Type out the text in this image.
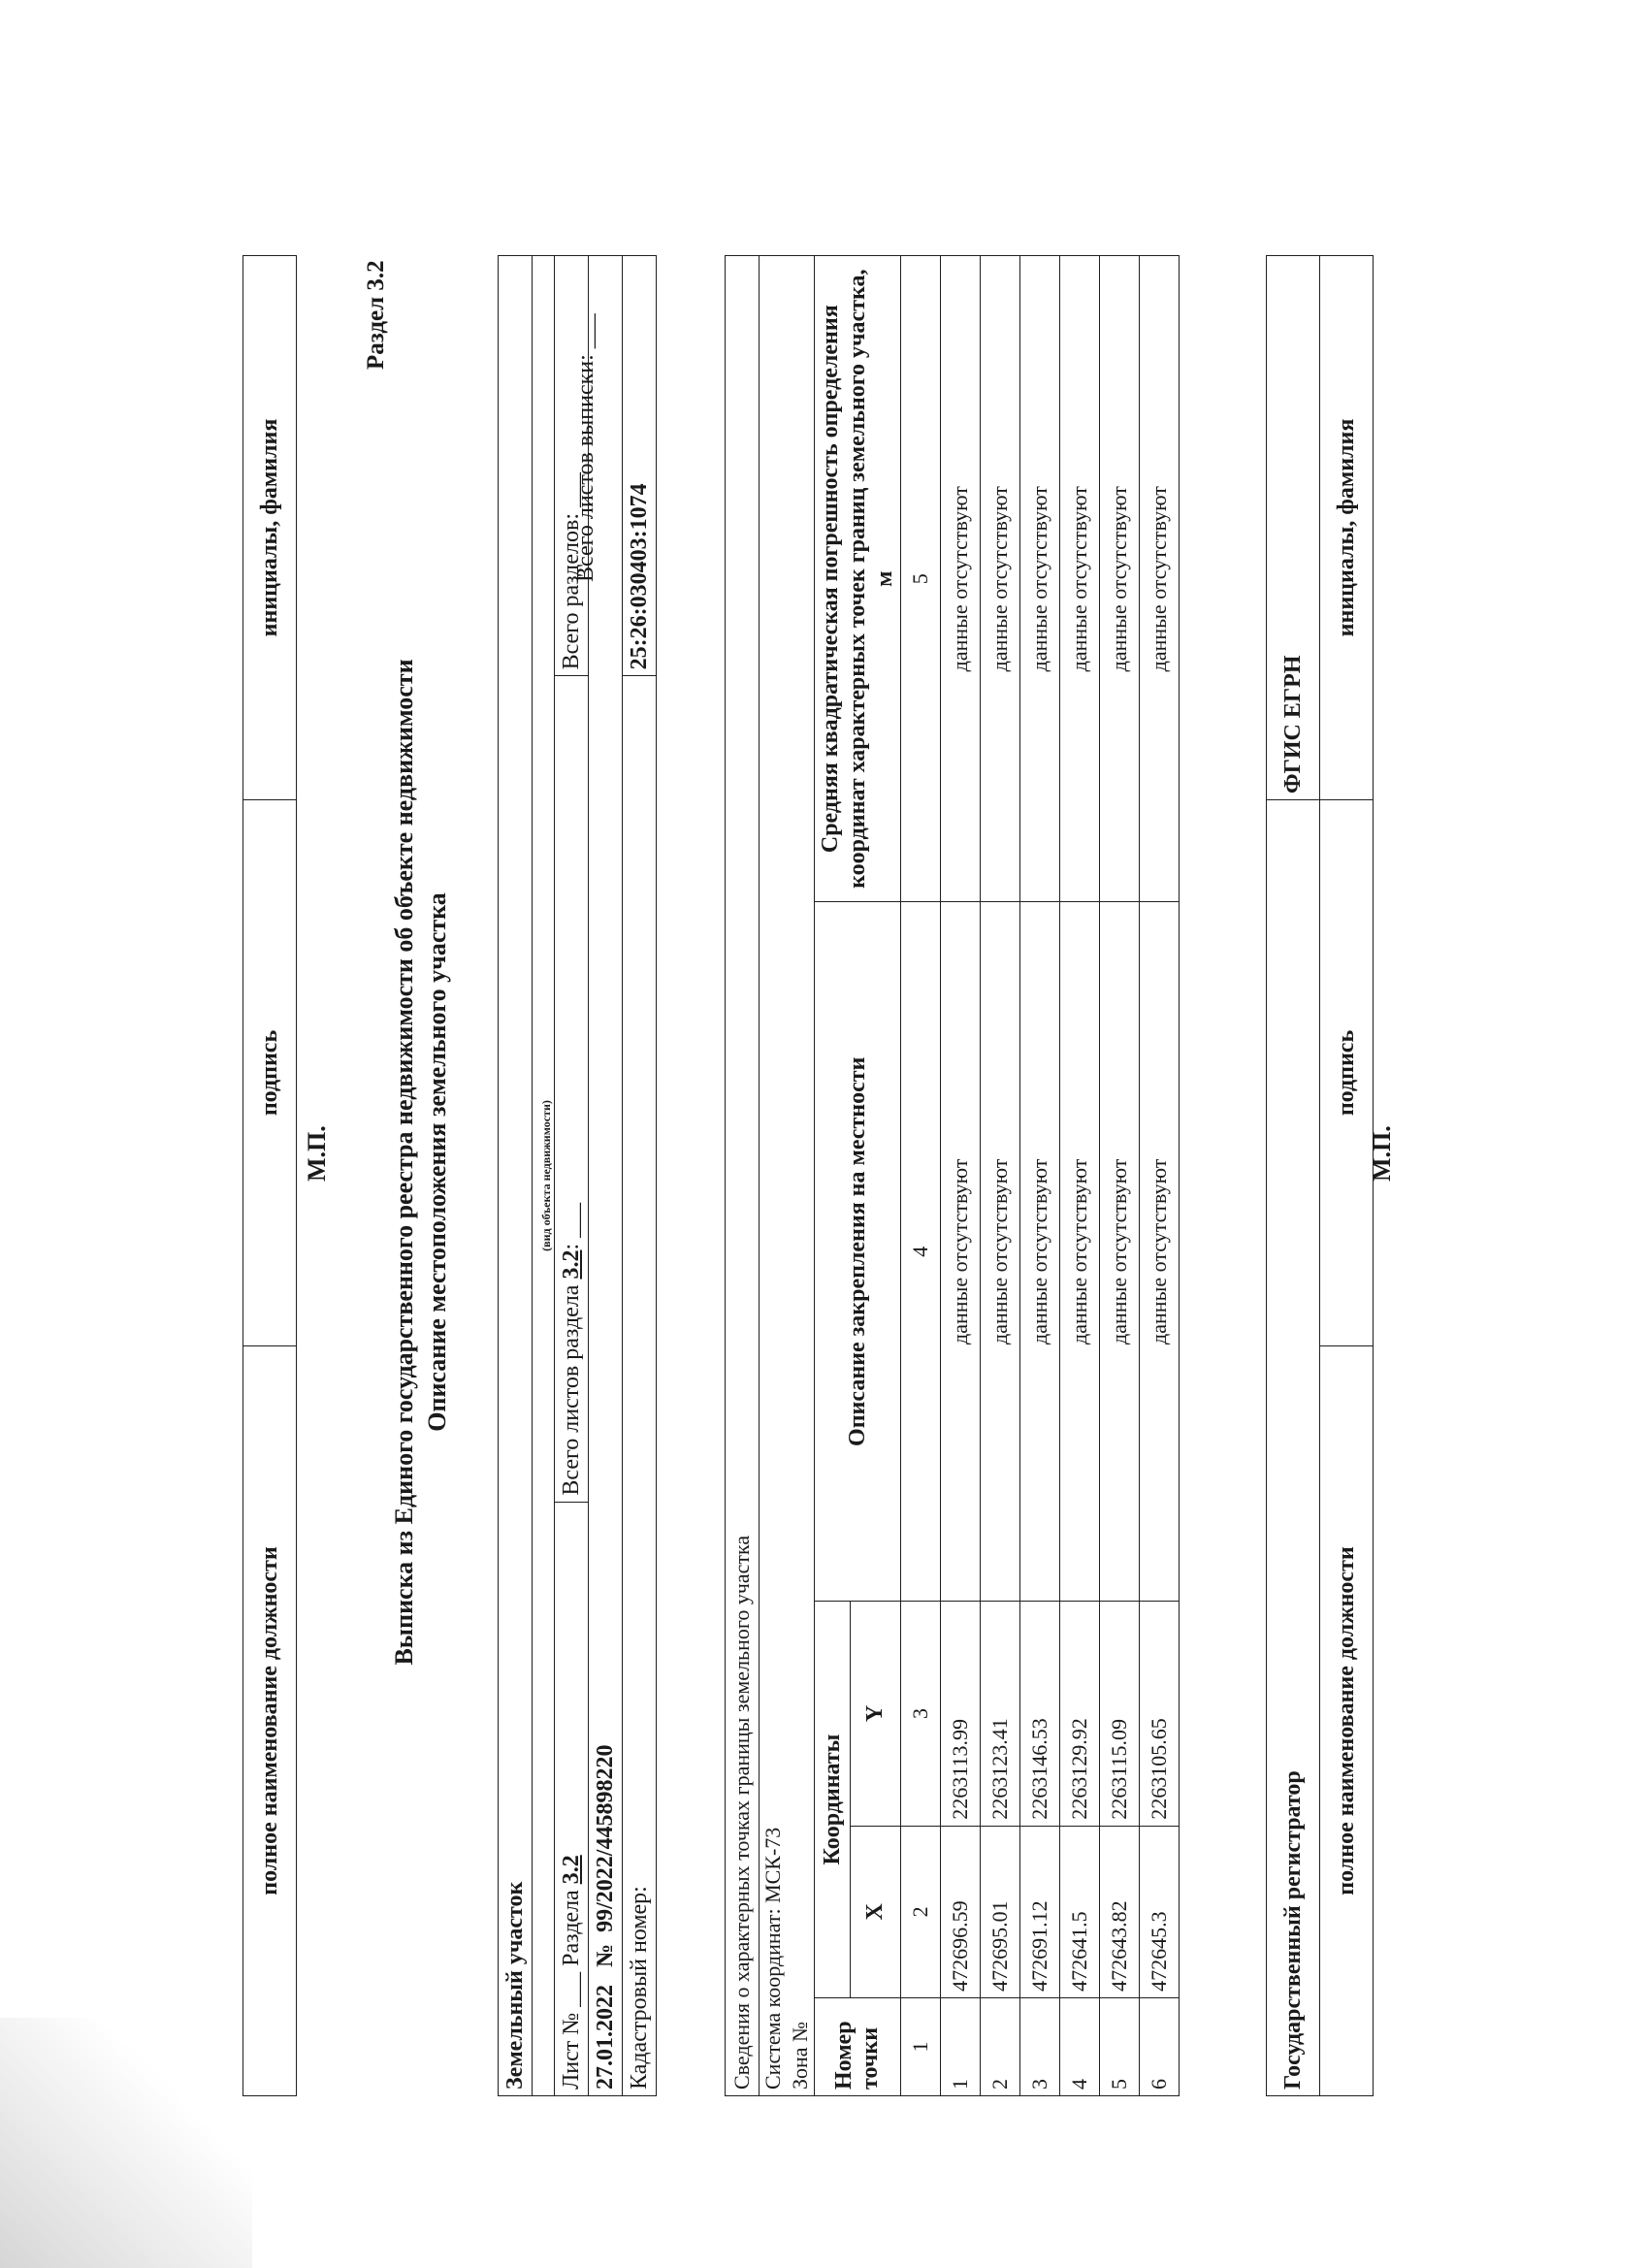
полное наименование должности	подпись	инициалы, фамилия
М.П.
Раздел 3.2
Выписка из Единого государственного реестра недвижимости об объекте недвижимости Описание местоположения земельного участка
Земельный участок		
(вид объекта недвижимости)		
Лист № ___ Раздела 3.2	Всего листов раздела 3.2: ___	Всего разделов: ___
27.01.2022   №  99/2022/445898220		
Кадастровый номер:		25:26:030403:1074
Всего листов выписки: ___
Сведения о характерных точках границы земельного участка				

Система координат: МСК-73 Зона №				

Номер точки	Координаты		Описание закрепления на местности	Средняя квадратическая погрешность определения координат характерных точек границ земельного участка, м
	X	Y		
1	2	3	4	5
1	472696.59	2263113.99	данные отсутствуют	данные отсутствуют
2	472695.01	2263123.41	данные отсутствуют	данные отсутствуют
3	472691.12	2263146.53	данные отсутствуют	данные отсутствуют
4	472641.5	2263129.92	данные отсутствуют	данные отсутствуют
5	472643.82	2263115.09	данные отсутствуют	данные отсутствуют
6	472645.3	2263105.65	данные отсутствуют	данные отсутствуют
Государственный регистратор		ФГИС ЕГРН
полное наименование должности	подпись	инициалы, фамилия
М.П.
